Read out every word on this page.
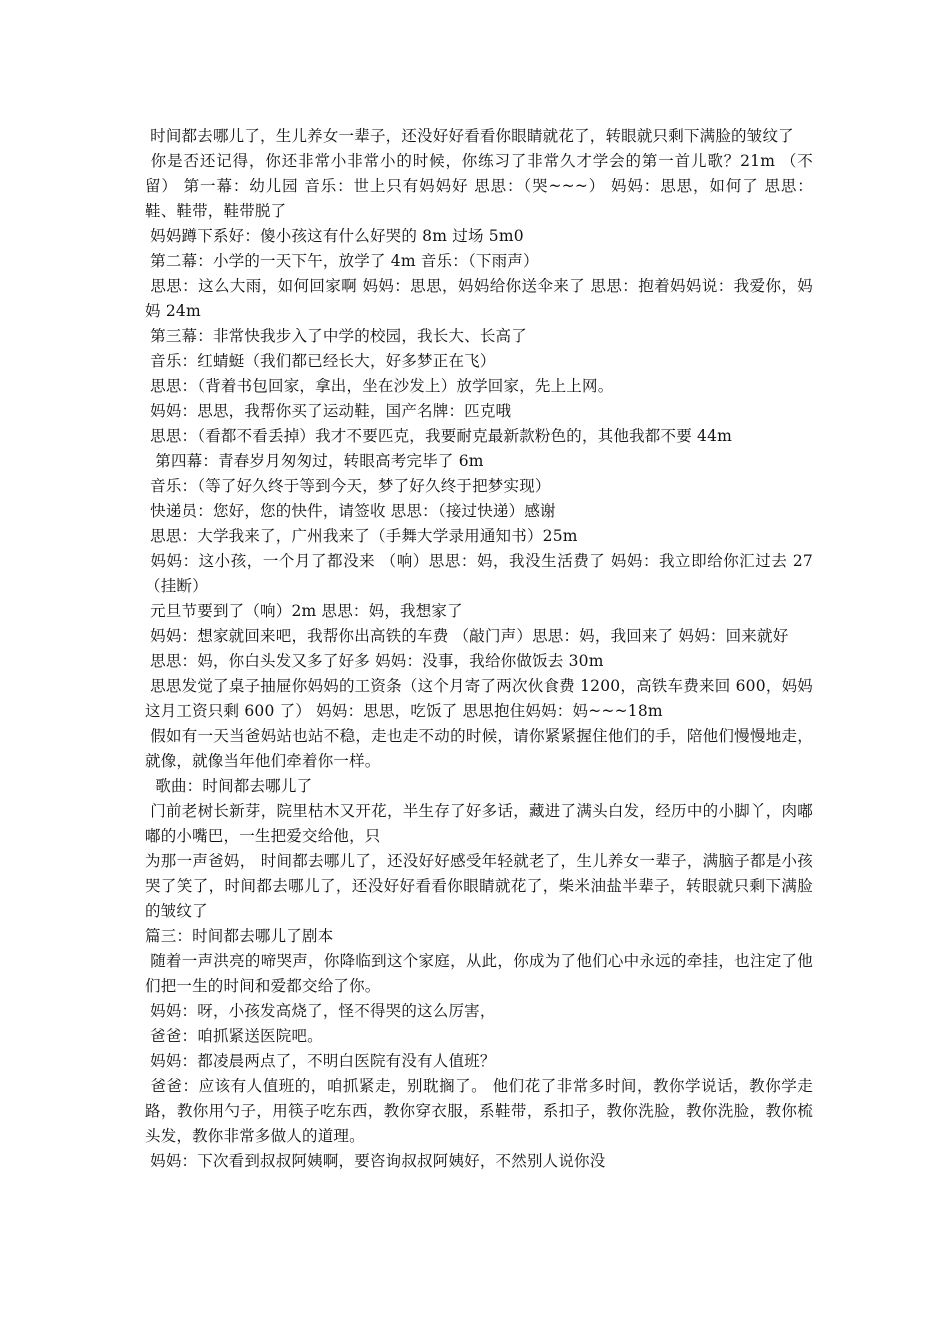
时间都去哪儿了，生儿养女一辈子，还没好好看看你眼睛就花了，转眼就只剩下满脸的皱纹了

你是否还记得，你还非常小非常小的时候，你练习了非常久才学会的第一首儿歌？21m （不留） 第一幕：幼儿园 音乐：世上只有妈妈好 思思：（哭~~~） 妈妈：思思，如何了 思思：鞋、鞋带，鞋带脱了

妈妈蹲下系好：傻小孩这有什么好哭的 8m 过场 5m0

第二幕：小学的一天下午，放学了 4m 音乐：（下雨声）

思思：这么大雨，如何回家啊 妈妈：思思，妈妈给你送伞来了 思思：抱着妈妈说：我爱你，妈妈 24m

第三幕：非常快我步入了中学的校园，我长大、长高了

音乐：红蜻蜓（我们都已经长大，好多梦正在飞）

思思：（背着书包回家，拿出，坐在沙发上）放学回家，先上上网。

妈妈：思思，我帮你买了运动鞋，国产名牌：匹克哦

思思：（看都不看丢掉）我才不要匹克，我要耐克最新款粉色的，其他我都不要 44m

第四幕：青春岁月匆匆过，转眼高考完毕了 6m

音乐：（等了好久终于等到今天，梦了好久终于把梦实现）

快递员：您好，您的快件，请签收 思思：（接过快递）感谢

思思：大学我来了，广州我来了（手舞大学录用通知书）25m

妈妈：这小孩，一个月了都没来 （响）思思：妈，我没生活费了 妈妈：我立即给你汇过去 27 （挂断）

元旦节要到了（响）2m 思思：妈，我想家了

妈妈：想家就回来吧，我帮你出高铁的车费 （敲门声）思思：妈，我回来了 妈妈：回来就好

思思：妈，你白头发又多了好多 妈妈：没事，我给你做饭去 30m

思思发觉了桌子抽屉你妈妈的工资条（这个月寄了两次伙食费 1200，高铁车费来回 600，妈妈这月工资只剩 600 了） 妈妈：思思，吃饭了 思思抱住妈妈：妈~~~18m

假如有一天当爸妈站也站不稳，走也走不动的时候，请你紧紧握住他们的手，陪他们慢慢地走，就像，就像当年他们牵着你一样。

歌曲：时间都去哪儿了

门前老树长新芽，院里枯木又开花，半生存了好多话，藏进了满头白发，经历中的小脚丫，肉嘟嘟的小嘴巴，一生把爱交给他，只

为那一声爸妈， 时间都去哪儿了，还没好好感受年轻就老了，生儿养女一辈子，满脑子都是小孩哭了笑了，时间都去哪儿了，还没好好看看你眼睛就花了，柴米油盐半辈子，转眼就只剩下满脸的皱纹了

篇三：时间都去哪儿了剧本

随着一声洪亮的啼哭声，你降临到这个家庭，从此，你成为了他们心中永远的牵挂，也注定了他们把一生的时间和爱都交给了你。

妈妈：呀，小孩发高烧了，怪不得哭的这么厉害，

爸爸：咱抓紧送医院吧。

妈妈：都凌晨两点了，不明白医院有没有人值班？

爸爸：应该有人值班的，咱抓紧走，别耽搁了。 他们花了非常多时间，教你学说话，教你学走路，教你用勺子，用筷子吃东西，教你穿衣服，系鞋带，系扣子，教你洗脸，教你洗脸，教你梳头发，教你非常多做人的道理。

妈妈：下次看到叔叔阿姨啊，要咨询叔叔阿姨好，不然别人说你没
